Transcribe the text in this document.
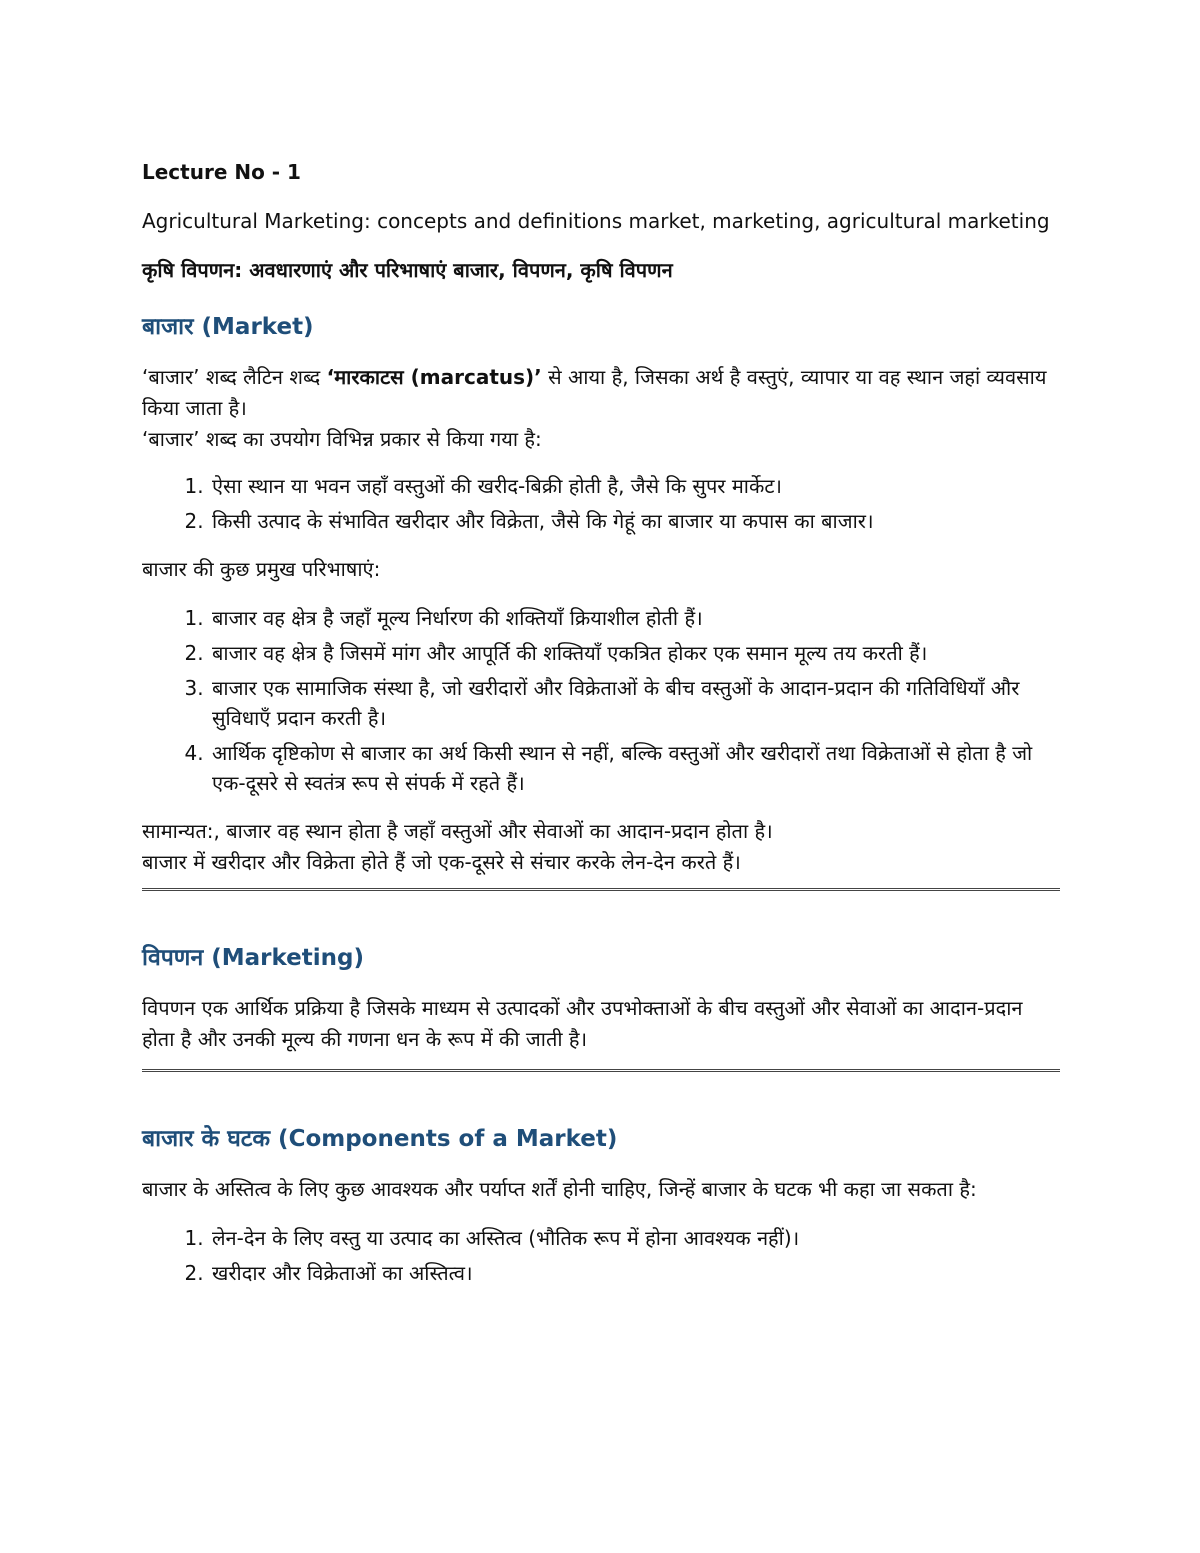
Lecture No - 1

Agricultural Marketing: concepts and definitions market, marketing, agricultural marketing

कृषि विपणन: अवधारणाएं और परिभाषाएं बाजार, विपणन, कृषि विपणन

बाजार (Market)

‘बाजार’ शब्द लैटिन शब्द ‘मारकाटस (marcatus)’ से आया है, जिसका अर्थ है वस्तुएं, व्यापार या वह स्थान जहां व्यवसाय किया जाता है।
‘बाजार’ शब्द का उपयोग विभिन्न प्रकार से किया गया है:

1. ऐसा स्थान या भवन जहाँ वस्तुओं की खरीद-बिक्री होती है, जैसे कि सुपर मार्केट।
2. किसी उत्पाद के संभावित खरीदार और विक्रेता, जैसे कि गेहूं का बाजार या कपास का बाजार।

बाजार की कुछ प्रमुख परिभाषाएं:

1. बाजार वह क्षेत्र है जहाँ मूल्य निर्धारण की शक्तियाँ क्रियाशील होती हैं।
2. बाजार वह क्षेत्र है जिसमें मांग और आपूर्ति की शक्तियाँ एकत्रित होकर एक समान मूल्य तय करती हैं।
3. बाजार एक सामाजिक संस्था है, जो खरीदारों और विक्रेताओं के बीच वस्तुओं के आदान-प्रदान की गतिविधियाँ और सुविधाएँ प्रदान करती है।
4. आर्थिक दृष्टिकोण से बाजार का अर्थ किसी स्थान से नहीं, बल्कि वस्तुओं और खरीदारों तथा विक्रेताओं से होता है जो एक-दूसरे से स्वतंत्र रूप से संपर्क में रहते हैं।

सामान्यत:, बाजार वह स्थान होता है जहाँ वस्तुओं और सेवाओं का आदान-प्रदान होता है।
बाजार में खरीदार और विक्रेता होते हैं जो एक-दूसरे से संचार करके लेन-देन करते हैं।

विपणन (Marketing)

विपणन एक आर्थिक प्रक्रिया है जिसके माध्यम से उत्पादकों और उपभोक्ताओं के बीच वस्तुओं और सेवाओं का आदान-प्रदान होता है और उनकी मूल्य की गणना धन के रूप में की जाती है।

बाजार के घटक (Components of a Market)

बाजार के अस्तित्व के लिए कुछ आवश्यक और पर्याप्त शर्तें होनी चाहिए, जिन्हें बाजार के घटक भी कहा जा सकता है:

1. लेन-देन के लिए वस्तु या उत्पाद का अस्तित्व (भौतिक रूप में होना आवश्यक नहीं)।
2. खरीदार और विक्रेताओं का अस्तित्व।
